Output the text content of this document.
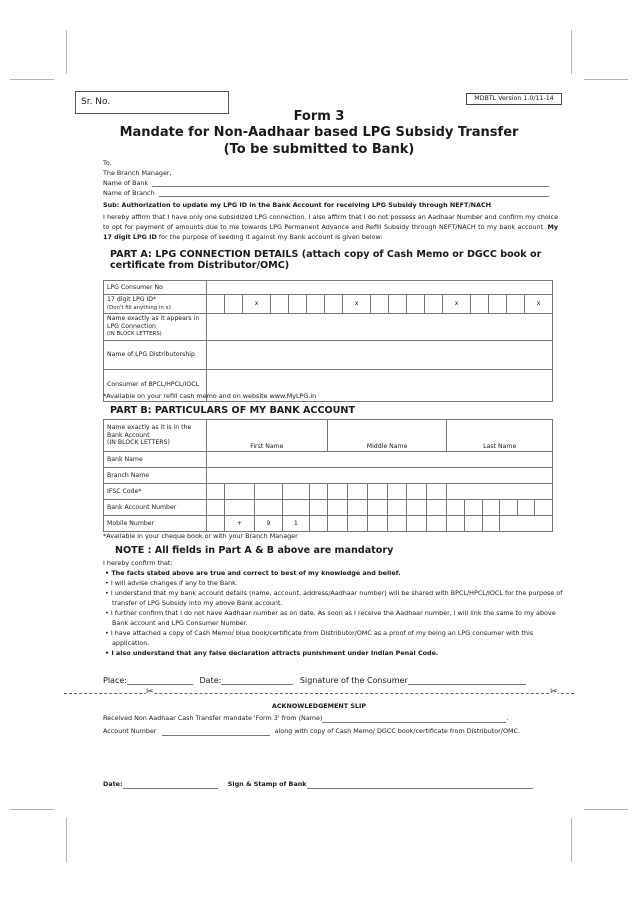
MDBTL Version 1.0/11-14
Sr. No.
Form 3
Mandate for Non-Aadhaar based LPG Subsidy Transfer
(To be submitted to Bank)
To,
The Branch Manager,
Name of Bank
Name of Branch
Sub: Authorization to update my LPG ID in the Bank Account for receiving LPG Subsidy through NEFT/NACH
I hereby affirm that I have only one subsidized LPG connection. I also affirm that I do not possess an Aadhaar Number and confirm my choice to opt for payment of amounts due to me towards LPG Permanent Advance and Refill Subsidy through NEFT/NACH to my bank account. My 17 digit LPG ID for the purpose of seeding it against my Bank account is given below:
PART A: LPG CONNECTION DETAILS (attach copy of Cash Memo or DGCC book or certificate from Distributor/OMC)
LPG Consumer No																	
17 digit LPG ID*
(Don't fill anything in x)			x					x					x				x
Name exactly as it appears in LPG Connection
(IN BLOCK LETTERS)																	
Name of LPG Distributorship																	
Consumer of BPCL/HPCL/IOCL																	
*Available on your refill cash memo and on website www.MyLPG.in
PART B: PARTICULARS OF MY BANK ACCOUNT
Name exactly as it is in the Bank Account
(IN BLOCK LETTERS)	First Name					Middle Name						Last Name					
Bank Name																	
Branch Name																	
IFSC Code*																	
Bank Account Number																	
Mobile Number		+	9	1													
*Available in your cheque book or with your Branch Manager
NOTE : All fields in Part A & B above are mandatory
I hereby confirm that:
• The facts stated above are true and correct to best of my knowledge and belief.
• I will advise changes if any to the Bank.
• I understand that my bank account details (name, account, address/Aadhaar number) will be shared with BPCL/HPCL/IOCL for the purpose of transfer of LPG Subsidy into my above Bank account.
• I further confirm that I do not have Aadhaar number as on date. As soon as I receive the Aadhaar number, I will link the same to my above Bank account and LPG Consumer Number.
• I have attached a copy of Cash Memo/ blue book/certificate from Distributor/OMC as a proof of my being an LPG consumer with this application.
• I also understand that any false declaration attracts punishment under Indian Penal Code.
Place:	Date:	Signature of the Consumer
✂	✂
ACKNOWLEDGEMENT SLIP
Received Non Aadhaar Cash Transfer mandate 'Form 3' from (Name)	.
Account Number	along with copy of Cash Memo/ DGCC book/certificate from Distributor/OMC.
Date:	Sign & Stamp of Bank
